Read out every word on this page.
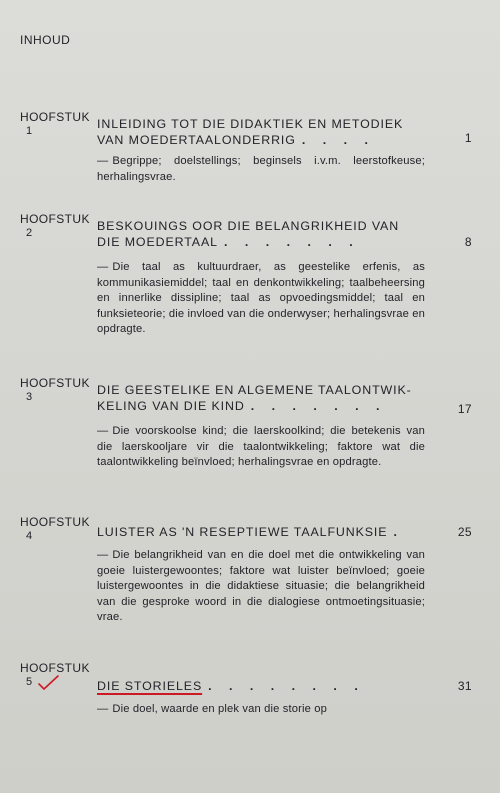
INHOUD
HOOFSTUK
1	INLEIDING TOT DIE DIDAKTIEK EN METODIEK
VAN MOEDERTAALONDERRIG . . . .	1
— Begrippe; doelstellings; beginsels i.v.m. leerstofkeuse; herhalingsvrae.
HOOFSTUK
2	BESKOUINGS OOR DIE BELANGRIKHEID VAN
DIE MOEDERTAAL . . . . . . .	8
— Die taal as kultuurdraer, as geestelike erfenis, as kommunikasiemiddel; taal en denkontwikkeling; taalbeheersing en innerlike dissipline; taal as opvoedingsmiddel; taal en funksieteorie; die invloed van die onderwyser; herhalingsvrae en opdragte.
HOOFSTUK
3	DIE GEESTELIKE EN ALGEMENE TAALONTWIK-
KELING VAN DIE KIND . . . . . . .	17
— Die voorskoolse kind; die laerskoolkind; die betekenis van die laerskooljare vir die taalontwikkeling; faktore wat die taalontwikkeling beïnvloed; herhalingsvrae en opdragte.
HOOFSTUK
4	LUISTER AS 'N RESEPTIEWE TAALFUNKSIE .	25
— Die belangrikheid van en die doel met die ontwikkeling van goeie luistergewoontes; faktore wat luister beïnvloed; goeie luistergewoontes in die didaktiese situasie; die belangrikheid van die gesproke woord in die dialogiese ontmoetingsituasie; vrae.
HOOFSTUK
5	DIE STORIELES . . . . . . . .	31
— Die doel, waarde en plek van die storie op
